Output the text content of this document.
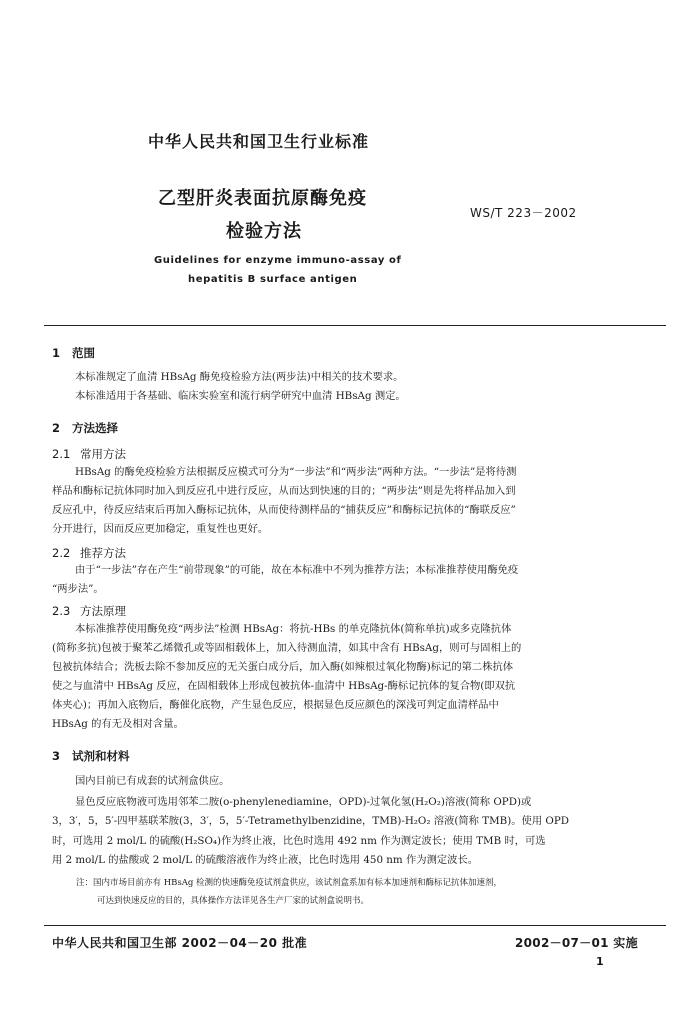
中华人民共和国卫生行业标准
乙型肝炎表面抗原酶免疫
检验方法
WS/T 223－2002
Guidelines for enzyme immuno-assay of
hepatitis B surface antigen
1 范围
本标准规定了血清 HBsAg 酶免疫检验方法(两步法)中相关的技术要求。
本标准适用于各基础、临床实验室和流行病学研究中血清 HBsAg 测定。
2 方法选择
2.1 常用方法
HBsAg 的酶免疫检验方法根据反应模式可分为“一步法”和“两步法”两种方法。“一步法”是将待测
样品和酶标记抗体同时加入到反应孔中进行反应，从而达到快速的目的；“两步法”则是先将样品加入到
反应孔中，待反应结束后再加入酶标记抗体，从而使待测样品的“捕获反应”和酶标记抗体的“酶联反应”
分开进行，因而反应更加稳定，重复性也更好。
2.2 推荐方法
由于“一步法”存在产生“前带现象”的可能，故在本标准中不列为推荐方法；本标准推荐使用酶免疫
“两步法”。
2.3 方法原理
本标准推荐使用酶免疫“两步法”检测 HBsAg：将抗-HBs 的单克隆抗体(简称单抗)或多克隆抗体
(简称多抗)包被于聚苯乙烯微孔或等固相载体上，加入待测血清，如其中含有 HBsAg，则可与固相上的
包被抗体结合；洗板去除不参加反应的无关蛋白成分后，加入酶(如辣根过氧化物酶)标记的第二株抗体
使之与血清中 HBsAg 反应，在固相载体上形成包被抗体-血清中 HBsAg-酶标记抗体的复合物(即双抗
体夹心)；再加入底物后，酶催化底物，产生显色反应，根据显色反应颜色的深浅可判定血清样品中
HBsAg 的有无及相对含量。
3 试剂和材料
国内目前已有成套的试剂盒供应。
显色反应底物液可选用邻苯二胺(o-phenylenediamine，OPD)-过氧化氢(H₂O₂)溶液(简称 OPD)或
3，3′，5，5′-四甲基联苯胺(3，3′，5，5′-Tetramethylbenzidine，TMB)-H₂O₂ 溶液(简称 TMB)。使用 OPD
时，可选用 2 mol/L 的硫酸(H₂SO₄)作为终止液，比色时选用 492 nm 作为测定波长；使用 TMB 时，可选
用 2 mol/L 的盐酸或 2 mol/L 的硫酸溶液作为终止液，比色时选用 450 nm 作为测定波长。
注：国内市场目前亦有 HBsAg 检测的快速酶免疫试剂盒供应，该试剂盒系加有标本加速剂和酶标记抗体加速剂，
可达到快速反应的目的，具体操作方法详见各生产厂家的试剂盒说明书。
中华人民共和国卫生部 2002－04－20 批准	2002－07－01 实施
1
